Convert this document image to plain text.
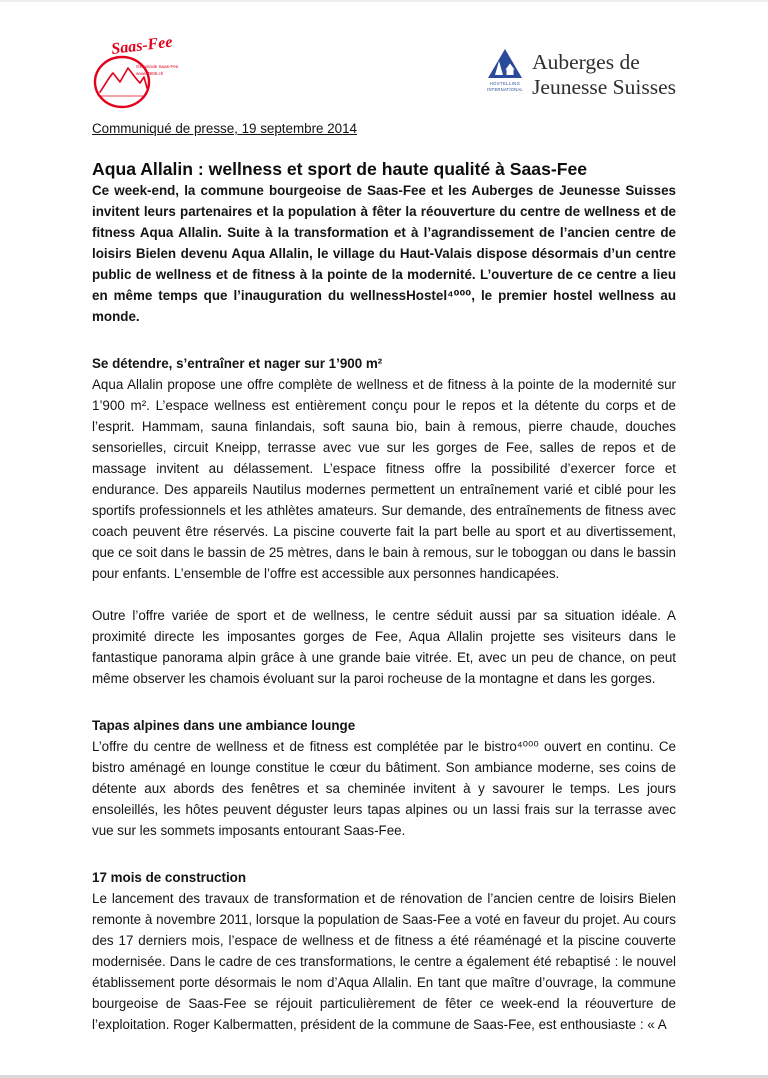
Saas-Fee
Gemeinde Saas-Fee
www.3906.ch
HOSTELLING
INTERNATIONAL
Auberges de
Jeunesse Suisses

Communiqué de presse, 19 septembre 2014

Aqua Allalin : wellness et sport de haute qualité à Saas-Fee

Ce week-end, la commune bourgeoise de Saas-Fee et les Auberges de Jeunesse Suisses invitent leurs partenaires et la population à fêter la réouverture du centre de wellness et de fitness Aqua Allalin. Suite à la transformation et à l’agrandissement de l’ancien centre de loisirs Bielen devenu Aqua Allalin, le village du Haut-Valais dispose désormais d’un centre public de wellness et de fitness à la pointe de la modernité. L’ouverture de ce centre a lieu en même temps que l’inauguration du wellnessHostel⁴⁰⁰⁰, le premier hostel wellness au monde.

Se détendre, s’entraîner et nager sur 1’900 m²

Aqua Allalin propose une offre complète de wellness et de fitness à la pointe de la modernité sur 1’900 m². L’espace wellness est entièrement conçu pour le repos et la détente du corps et de l’esprit. Hammam, sauna finlandais, soft sauna bio, bain à remous, pierre chaude, douches sensorielles, circuit Kneipp, terrasse avec vue sur les gorges de Fee, salles de repos et de massage invitent au délassement. L’espace fitness offre la possibilité d’exercer force et endurance. Des appareils Nautilus modernes permettent un entraînement varié et ciblé pour les sportifs professionnels et les athlètes amateurs. Sur demande, des entraînements de fitness avec coach peuvent être réservés. La piscine couverte fait la part belle au sport et au divertissement, que ce soit dans le bassin de 25 mètres, dans le bain à remous, sur le toboggan ou dans le bassin pour enfants. L’ensemble de l’offre est accessible aux personnes handicapées.

Outre l’offre variée de sport et de wellness, le centre séduit aussi par sa situation idéale. A proximité directe les imposantes gorges de Fee, Aqua Allalin projette ses visiteurs dans le fantastique panorama alpin grâce à une grande baie vitrée. Et, avec un peu de chance, on peut même observer les chamois évoluant sur la paroi rocheuse de la montagne et dans les gorges.

Tapas alpines dans une ambiance lounge

L’offre du centre de wellness et de fitness est complétée par le bistro⁴⁰⁰⁰ ouvert en continu. Ce bistro aménagé en lounge constitue le cœur du bâtiment. Son ambiance moderne, ses coins de détente aux abords des fenêtres et sa cheminée invitent à y savourer le temps. Les jours ensoleillés, les hôtes peuvent déguster leurs tapas alpines ou un lassi frais sur la terrasse avec vue sur les sommets imposants entourant Saas-Fee.

17 mois de construction

Le lancement des travaux de transformation et de rénovation de l’ancien centre de loisirs Bielen remonte à novembre 2011, lorsque la population de Saas-Fee a voté en faveur du projet. Au cours des 17 derniers mois, l’espace de wellness et de fitness a été réaménagé et la piscine couverte modernisée. Dans le cadre de ces transformations, le centre a également été rebaptisé : le nouvel établissement porte désormais le nom d’Aqua Allalin. En tant que maître d’ouvrage, la commune bourgeoise de Saas-Fee se réjouit particulièrement de fêter ce week-end la réouverture de l’exploitation. Roger Kalbermatten, président de la commune de Saas-Fee, est enthousiaste : « A
